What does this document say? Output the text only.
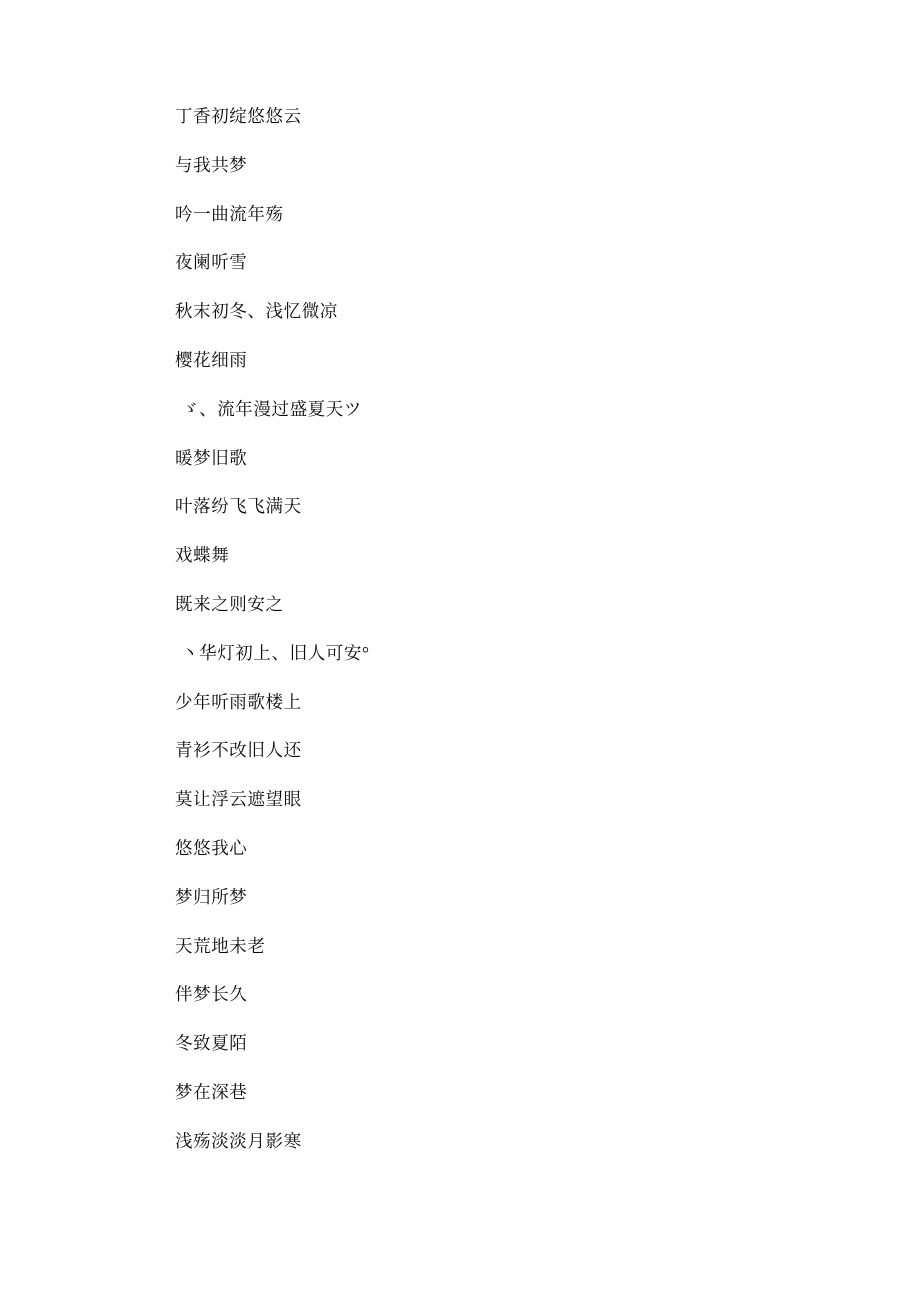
丁香初绽悠悠云

与我共梦

吟一曲流年殇

夜阑听雪

秋末初冬、浅忆微凉

樱花细雨

ゞ、流年漫过盛夏天ツ

暖梦旧歌

叶落纷飞飞满天

戏蝶舞

既来之则安之

丶华灯初上、旧人可安°

少年听雨歌楼上

青衫不改旧人还

莫让浮云遮望眼

悠悠我心

梦归所梦

天荒地未老

伴梦长久

冬致夏陌

梦在深巷

浅殇淡淡月影寒
